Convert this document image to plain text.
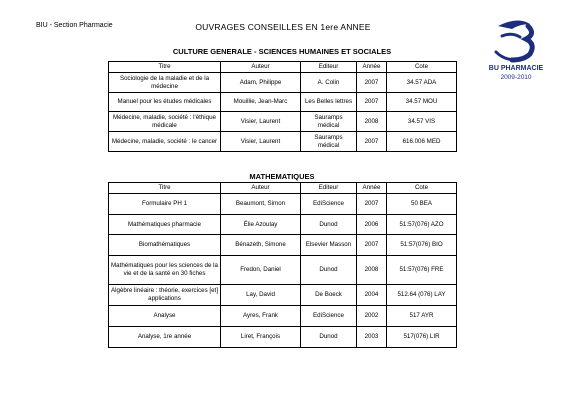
BIU - Section Pharmacie	OUVRAGES CONSEILLES EN 1ere ANNEE
BU PHARMACIE
2009-2010
CULTURE GENERALE - SCIENCES HUMAINES ET SOCIALES
Titre	Auteur	Editeur	Année	Cote
Sociologie de la maladie et de la médecine	Adam, Philippe	A. Colin	2007	34.57 ADA
Manuel pour les études médicales	Mouillie, Jean-Marc	Les Belles lettres	2007	34.57 MOU
Médecine, maladie, société : l'éthique médicale	Visier, Laurent	Sauramps médical	2008	34.57 VIS
Médecine, maladie, société : le cancer	Visier, Laurent	Sauramps médical	2007	616.006 MED
MATHEMATIQUES
Titre	Auteur	Editeur	Année	Cote
Formulaire PH 1	Beaumont, Simon	EdiScience	2007	50 BEA
Mathématiques pharmacie	Élie Azoulay	Dunod	2006	51:57(076) AZO
Biomathématiques	Bénazeth, Simone	Elsevier Masson	2007	51:57(076) BIO
Mathématiques pour les sciences de la vie et de la santé en 30 fiches	Fredon, Daniel	Dunod	2008	51:57(076) FRE
Algèbre linéaire : théorie, exercices [et] applications	Lay, David	De Boeck	2004	512.64 (076) LAY
Analyse	Ayres, Frank	EdiScience	2002	517 AYR
Analyse, 1re année	Liret, François	Dunod	2003	517(076) LIR
